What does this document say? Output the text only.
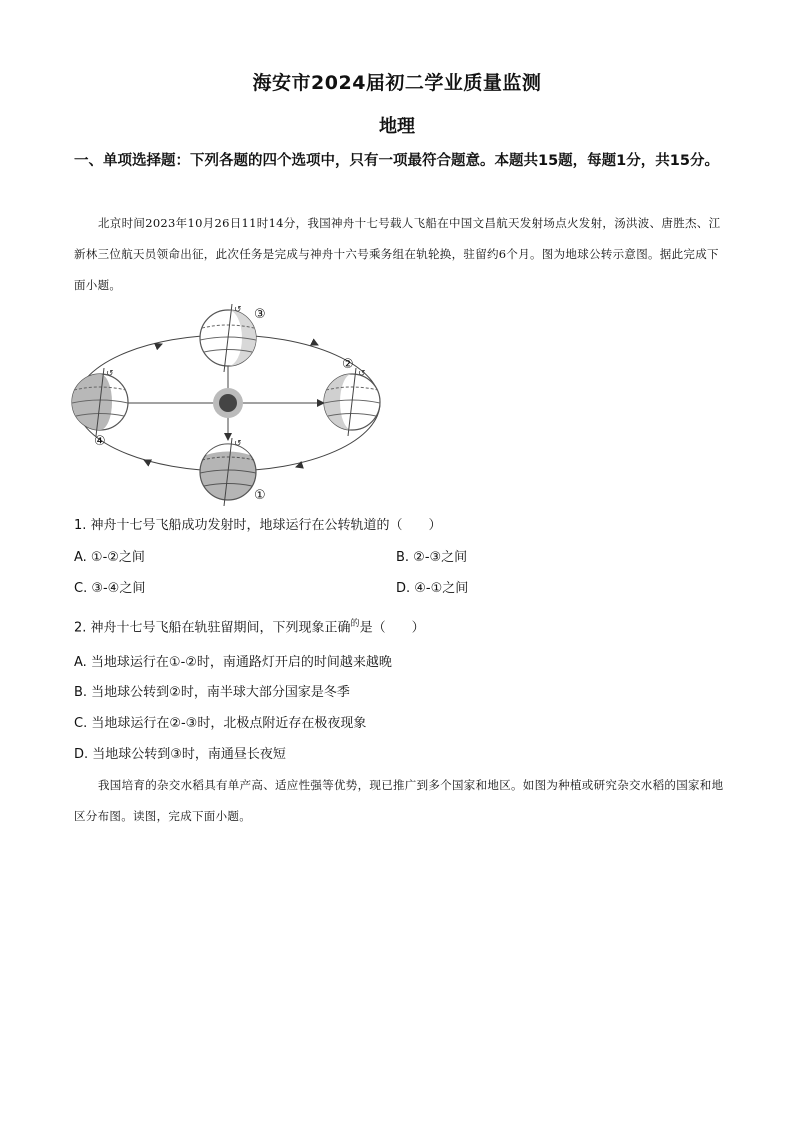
海安市2024届初二学业质量监测
地理
一、单项选择题：下列各题的四个选项中，只有一项最符合题意。本题共15题，每题1分，共15分。
北京时间2023年10月26日11时14分，我国神舟十七号载人飞船在中国文昌航天发射场点火发射，汤洪波、唐胜杰、江新林三位航天员领命出征，此次任务是完成与神舟十六号乘务组在轨轮换，驻留约6个月。图为地球公转示意图。据此完成下面小题。
↺
↺
↺
↺
③
②
④
①
1. 神舟十七号飞船成功发射时，地球运行在公转轨道的（　　）
A. ①-②之间	B. ②-③之间
C. ③-④之间	D. ④-①之间
2. 神舟十七号飞船在轨驻留期间，下列现象正确$^的$是（　　）
A. 当地球运行在①-②时，南通路灯开启的时间越来越晚
B. 当地球公转到②时，南半球大部分国家是冬季
C. 当地球运行在②-③时，北极点附近存在极夜现象
D. 当地球公转到③时，南通昼长夜短
我国培育的杂交水稻具有单产高、适应性强等优势，现已推广到多个国家和地区。如图为种植或研究杂交水稻的国家和地区分布图。读图，完成下面小题。
